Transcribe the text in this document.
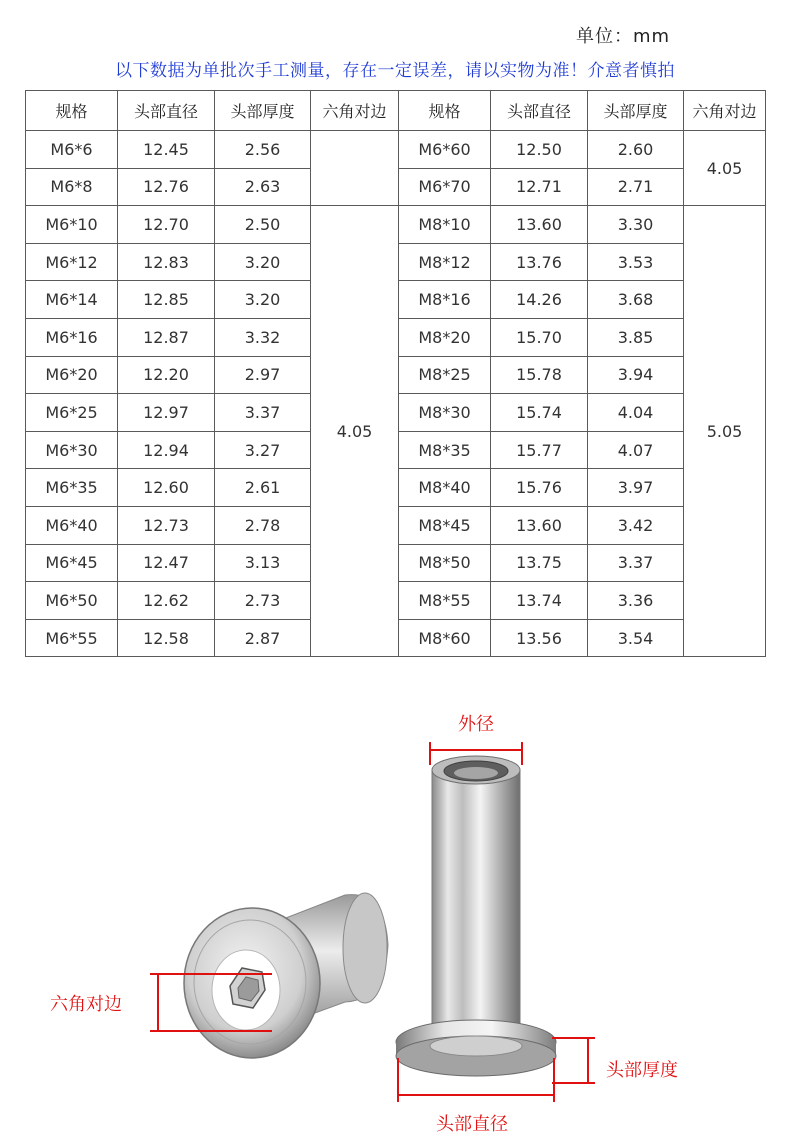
单位：mm
以下数据为单批次手工测量，存在一定误差，请以实物为准！介意者慎拍
规格	头部直径	头部厚度	六角对边	规格	头部直径	头部厚度	六角对边
M6*6	12.45	2.56		M6*60	12.50	2.60	4.05
M6*8	12.76	2.63		M6*70	12.71	2.71	
M6*10	12.70	2.50	4.05	M8*10	13.60	3.30	5.05
M6*12	12.83	3.20		M8*12	13.76	3.53	
M6*14	12.85	3.20		M8*16	14.26	3.68	
M6*16	12.87	3.32		M8*20	15.70	3.85	
M6*20	12.20	2.97		M8*25	15.78	3.94	
M6*25	12.97	3.37		M8*30	15.74	4.04	
M6*30	12.94	3.27		M8*35	15.77	4.07	
M6*35	12.60	2.61		M8*40	15.76	3.97	
M6*40	12.73	2.78		M8*45	13.60	3.42	
M6*45	12.47	3.13		M8*50	13.75	3.37	
M6*50	12.62	2.73		M8*55	13.74	3.36	
M6*55	12.58	2.87		M8*60	13.56	3.54	
外径
六角对边
头部厚度
头部直径
